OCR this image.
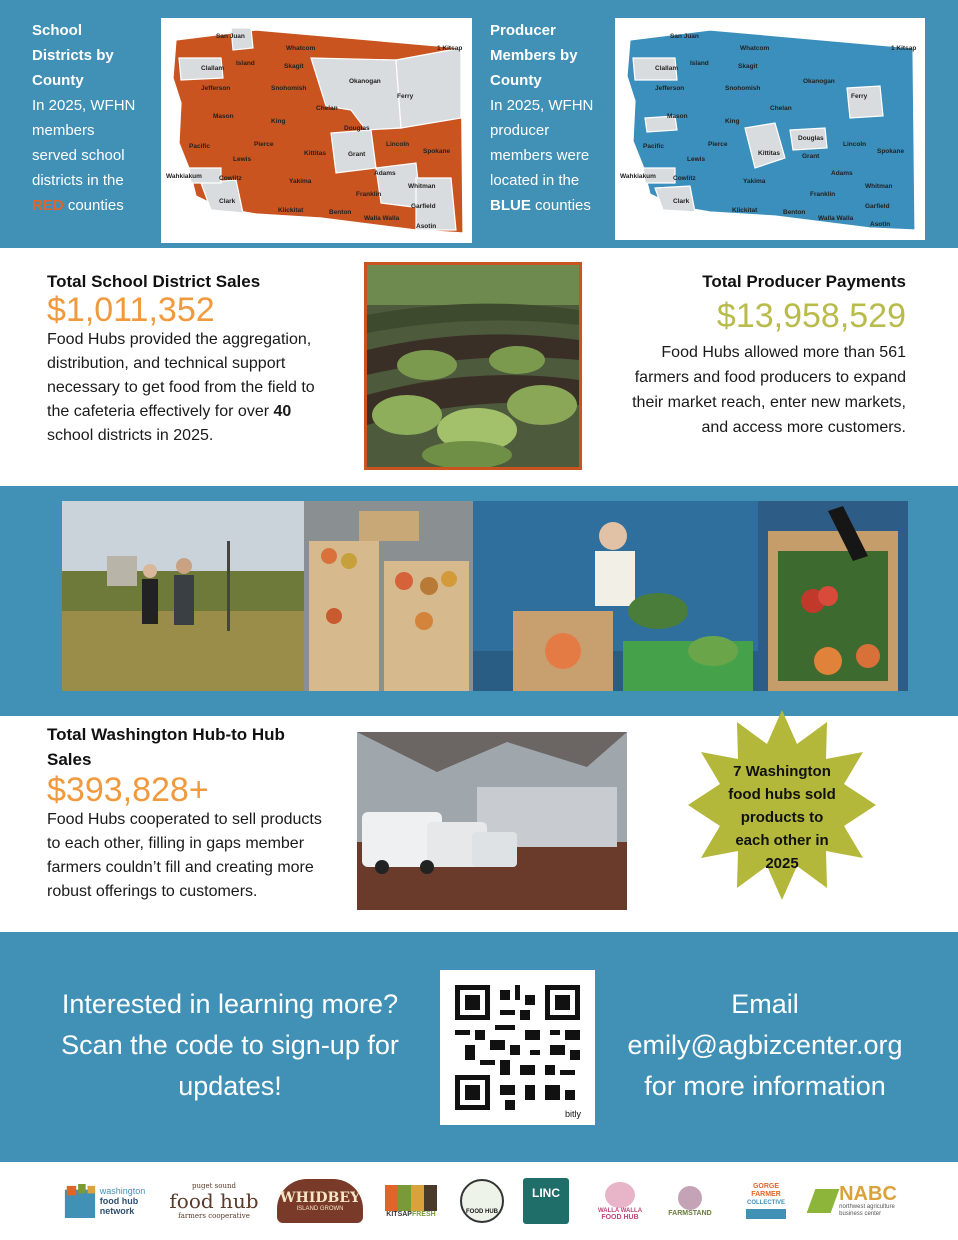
School
Districts by
County
In 2025, WFHN
members
served school
districts in the
RED counties
San Juan
Whatcom
Island	Skagit
Clallam
Jefferson	Snohomish
Okanogan
Ferry
Mason
King
Chelan
Douglas
Pierce
Kittitas
Lincoln
Spokane
Pacific
Lewis
Grant
Wahkiakum	Cowlitz
Adams
Whitman
Yakima
Franklin
Clark
Klickitat	Benton
Walla Walla
Garfield
Asotin
1 Kitsap
Producer
Members by
County
In 2025, WFHN
producer
members were
located in the
BLUE counties
San Juan
Whatcom
Island	Skagit
Clallam
Jefferson	Snohomish
Okanogan
Ferry
Mason
King
Chelan
Douglas
Pierce
Kittitas
Lincoln
Spokane
Pacific
Lewis	Grant
Wahkiakum	Cowlitz
Adams
Whitman
Yakima
Franklin
Clark
Klickitat	Benton
Walla Walla
Garfield
Asotin
1 Kitsap
Total School District Sales
$1,011,352
Food Hubs provided the aggregation,
distribution, and technical support
necessary to get food from the field to
the cafeteria effectively for over 40
school districts in 2025.
Total Producer Payments
$13,958,529
Food Hubs allowed more than 561
farmers and food producers to expand
their market reach, enter new markets,
and access more customers.
Total Washington Hub-to Hub
Sales
$393,828+
Food Hubs cooperated to sell products
to each other, filling in gaps member
farmers couldn’t fill and creating more
robust offerings to customers.
7 Washington
food hubs sold
products to
each other in
2025
Interested in learning more?
Scan the code to sign-up for
updates!
bitly
Email
emily@agbizcenter.org
for more information
washington
food hub
network
puget sound
food hub
farmers cooperative
WHIDBEY
ISLAND GROWN
KITSAPFRESH	FOOD HUB
LINC
WALLA WALLA
FOOD HUB
FARMSTAND
GORGE
FARMER
COLLECTIVE	NABC
northwest agriculture
business center
